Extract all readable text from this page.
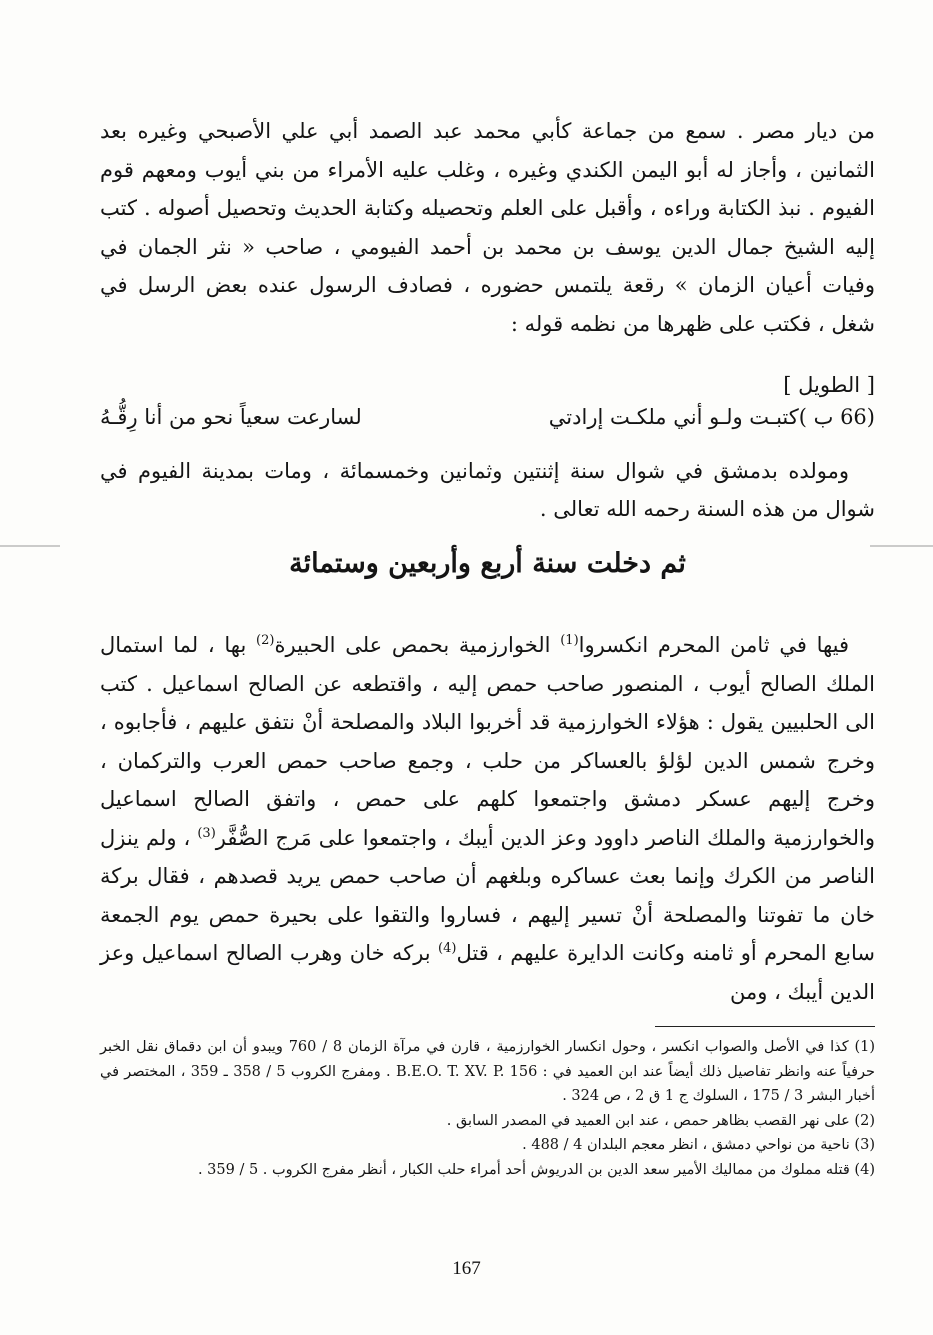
من ديار مصر . سمع من جماعة كأبي محمد عبد الصمد أبي علي الأصبحي وغيره بعد الثمانين ، وأجاز له أبو اليمن الكندي وغيره ، وغلب عليه الأمراء من بني أيوب ومعهم قوم الفيوم . نبذ الكتابة وراءه ، وأقبل على العلم وتحصيله وكتابة الحديث وتحصيل أصوله . كتب إليه الشيخ جمال الدين يوسف بن محمد بن أحمد الفيومي ، صاحب « نثر الجمان في وفيات أعيان الزمان » رقعة يلتمس حضوره ، فصادف الرسول عنده بعض الرسل في شغل ، فكتب على ظهرها من نظمه قوله :

[ الطويل ]
(66 ب )كتبـت ولـو أني ملكـت إرادتي
لسارعت سعياً نحو من أنا رِقُّـهُ

ومولده بدمشق في شوال سنة إثنتين وثمانين وخمسمائة ، ومات بمدينة الفيوم في شوال من هذه السنة رحمه الله تعالى .

ثم دخلت سنة أربع وأربعين وستمائة

فيها في ثامن المحرم انكسروا$^{(1)}$ الخوارزمية بحمص على الحبيرة$^{(2)}$ بها ، لما استمال الملك الصالح أيوب ، المنصور صاحب حمص إليه ، واقتطعه عن الصالح اسماعيل . كتب الى الحلبيين يقول : هؤلاء الخوارزمية قد أخربوا البلاد والمصلحة أنْ نتفق عليهم ، فأجابوه ، وخرج شمس الدين لؤلؤ بالعساكر من حلب ، وجمع صاحب حمص العرب والتركمان ، وخرج إليهم عسكر دمشق واجتمعوا كلهم على حمص ، واتفق الصالح اسماعيل والخوارزمية والملك الناصر داوود وعز الدين أيبك ، واجتمعوا على مَرج الصُّفَّر$^{(3)}$ ، ولم ينزل الناصر من الكرك وإنما بعث عساكره وبلغهم أن صاحب حمص يريد قصدهم ، فقال بركة خان ما تفوتنا والمصلحة أنْ تسير إليهم ، فساروا والتقوا على بحيرة حمص يوم الجمعة سابع المحرم أو ثامنه وكانت الدايرة عليهم ، قتل$^{(4)}$ بركه خان وهرب الصالح اسماعيل وعز الدين أيبك ، ومن

(1) كذا في الأصل والصواب انكسر ، وحول انكسار الخوارزمية ، قارن في مرآة الزمان 8 / 760 ويبدو أن ابن دقماق نقل الخبر حرفياً عنه وانظر تفاصيل ذلك أيضاً عند ابن العميد في : B.E.O. T. XV. P. 156 . ومفرج الكروب 5 / 358 ـ 359 ، المختصر في أخبار البشر 3 / 175 ، السلوك ج 1 ق 2 ، ص 324 .

(2) على نهر القصب بظاهر حمص ، عند ابن العميد في المصدر السابق .

(3) ناحية من نواحي دمشق ، انظر معجم البلدان 4 / 488 .

(4) قتله مملوك من مماليك الأمير سعد الدين بن الدريوش أحد أمراء حلب الكبار ، أنظر مفرج الكروب . 5 / 359 .

167
